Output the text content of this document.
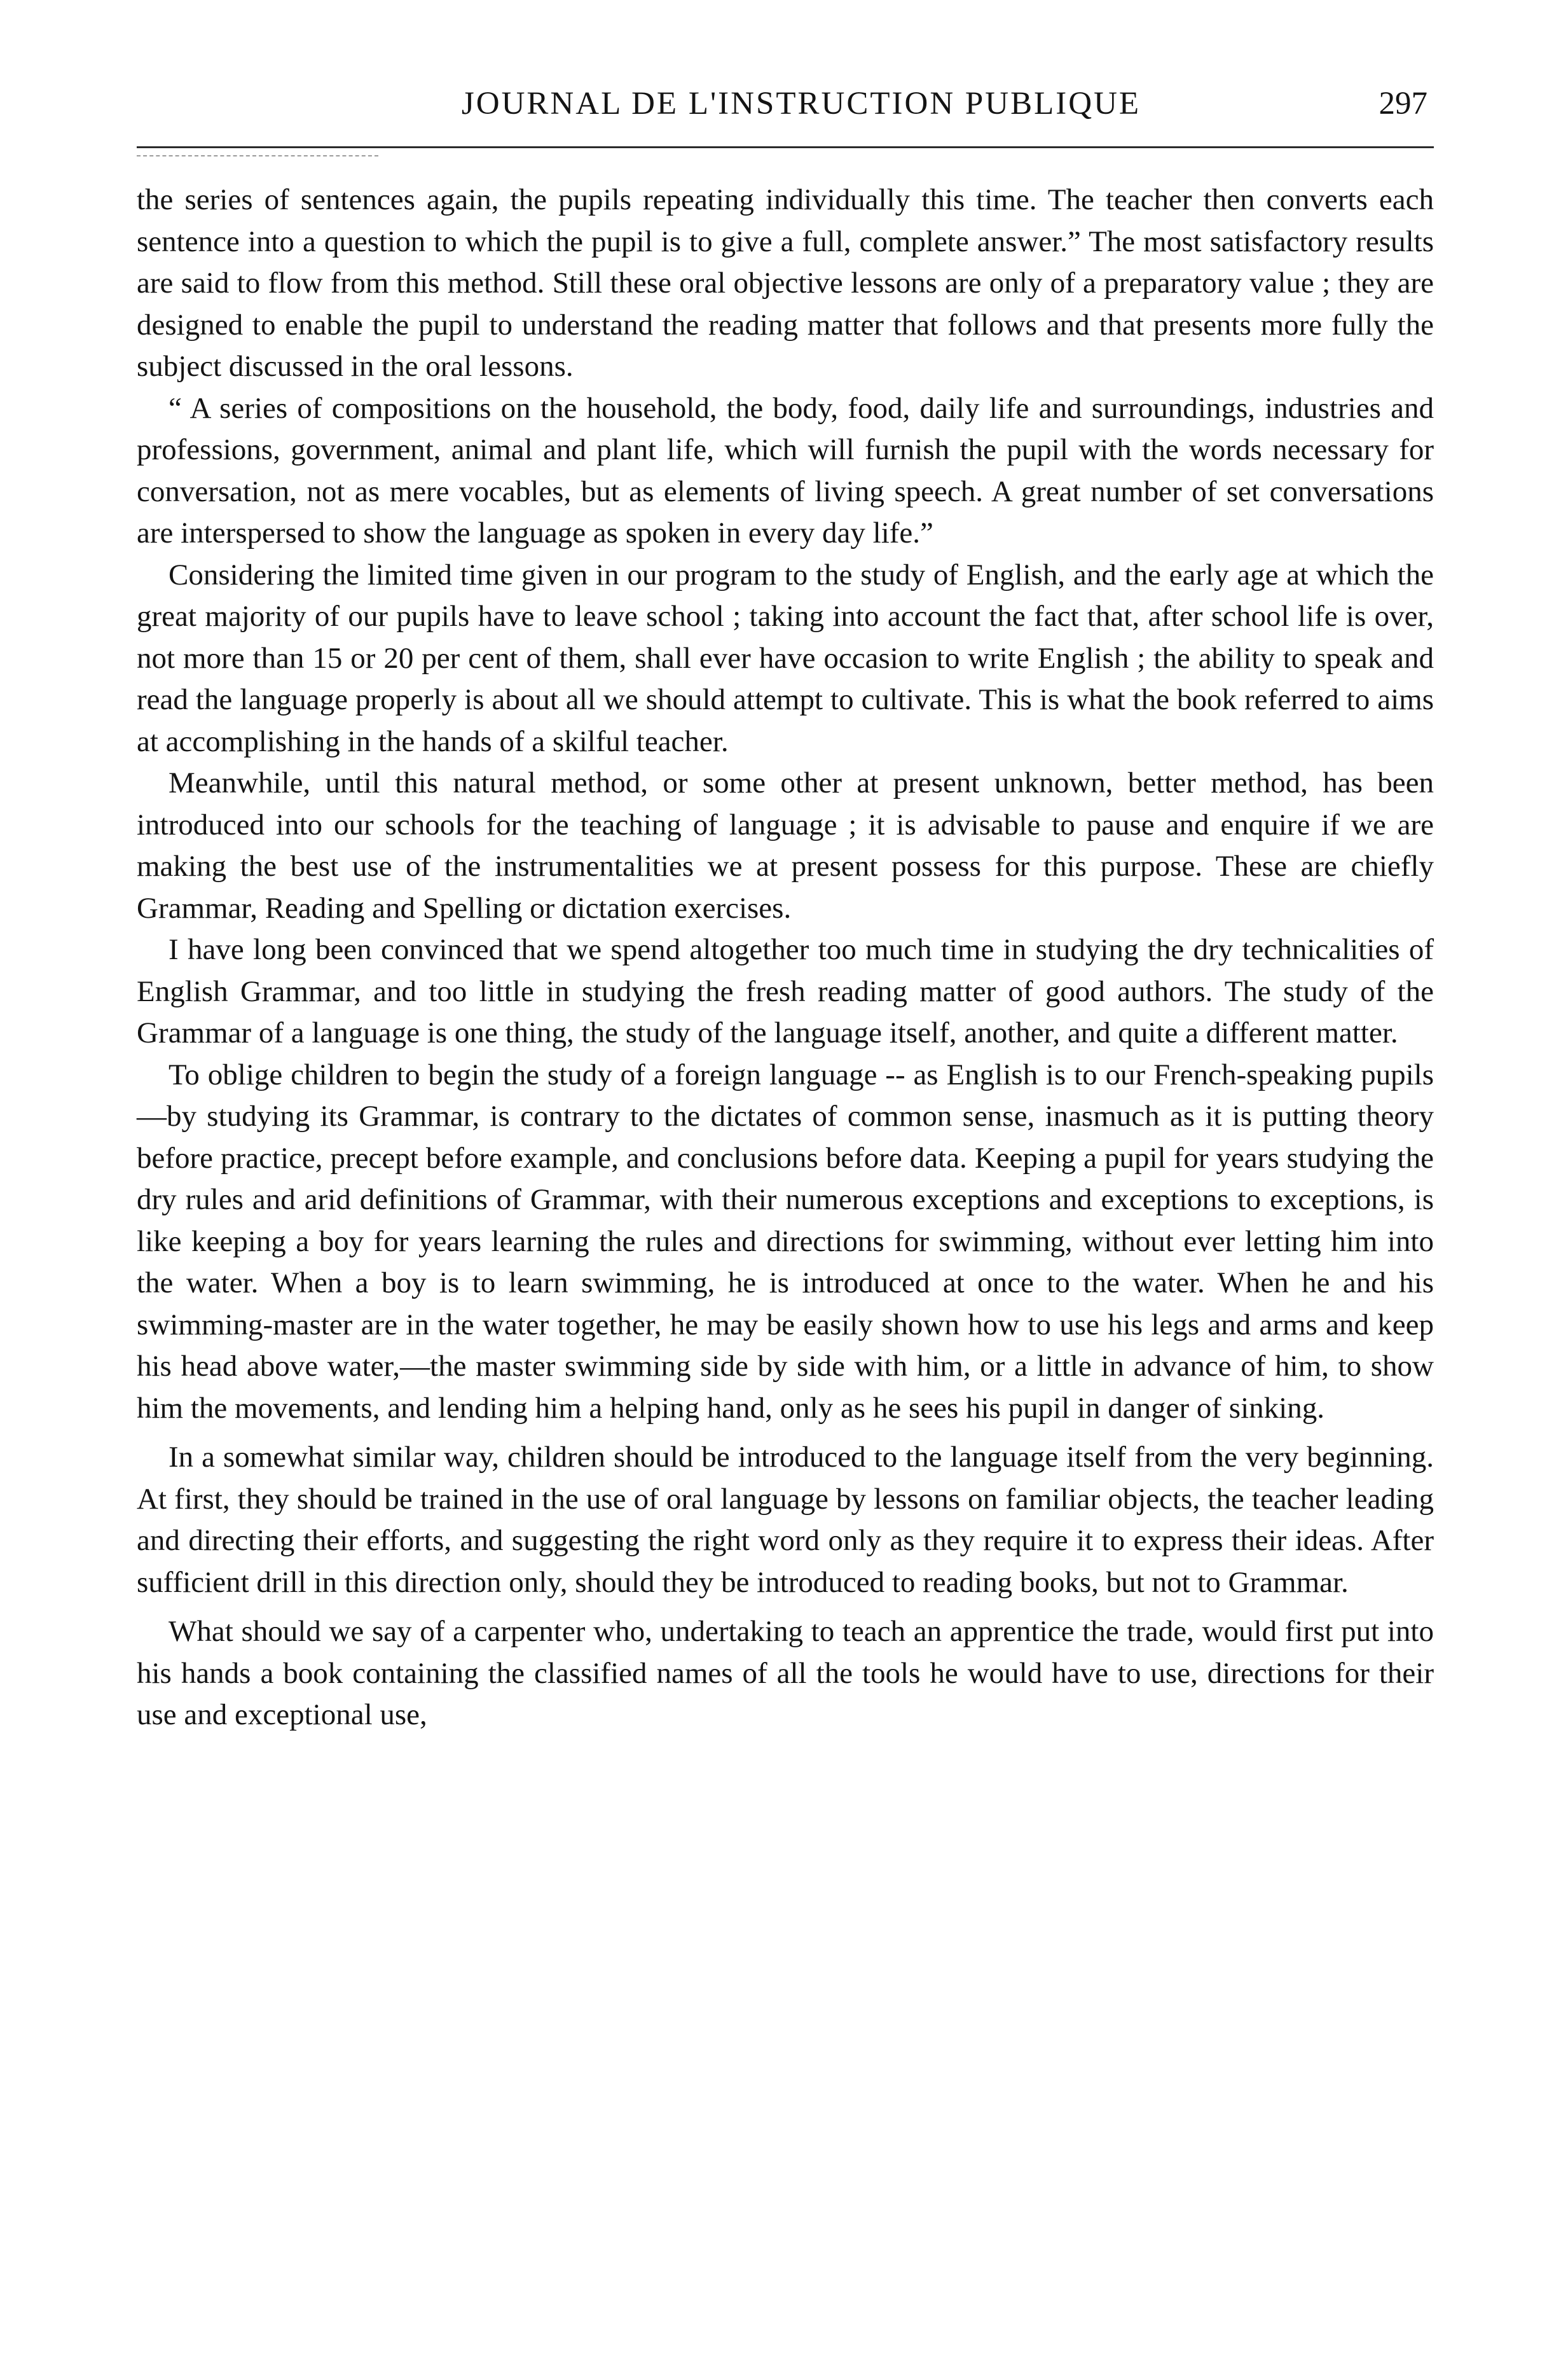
JOURNAL DE L'INSTRUCTION PUBLIQUE	297

the series of sentences again, the pupils repeating individually this time. The teacher then converts each sentence into a question to which the pupil is to give a full, complete answer.” The most satisfactory results are said to flow from this method. Still these oral objective lessons are only of a preparatory value ; they are designed to enable the pupil to understand the reading matter that follows and that presents more fully the subject discussed in the oral lessons.

“ A series of compositions on the household, the body, food, daily life and surroundings, industries and professions, government, animal and plant life, which will furnish the pupil with the words necessary for conversation, not as mere vocables, but as elements of living speech. A great number of set conversations are interspersed to show the language as spoken in every day life.”

Considering the limited time given in our program to the study of English, and the early age at which the great majority of our pupils have to leave school ; taking into account the fact that, after school life is over, not more than 15 or 20 per cent of them, shall ever have occasion to write English ; the ability to speak and read the language properly is about all we should attempt to cultivate. This is what the book referred to aims at accomplishing in the hands of a skilful teacher.

Meanwhile, until this natural method, or some other at present unknown, better method, has been introduced into our schools for the teaching of language ; it is advisable to pause and enquire if we are making the best use of the instrumentalities we at present possess for this purpose. These are chiefly Grammar, Reading and Spelling or dictation exercises.

I have long been convinced that we spend altogether too much time in studying the dry technicalities of English Grammar, and too little in studying the fresh reading matter of good authors. The study of the Grammar of a language is one thing, the study of the language itself, another, and quite a different matter.

To oblige children to begin the study of a foreign language -- as English is to our French-speaking pupils—by studying its Grammar, is contrary to the dictates of common sense, inasmuch as it is putting theory before practice, precept before example, and conclusions before data. Keeping a pupil for years studying the dry rules and arid definitions of Grammar, with their numerous exceptions and exceptions to exceptions, is like keeping a boy for years learning the rules and directions for swimming, without ever letting him into the water. When a boy is to learn swimming, he is introduced at once to the water. When he and his swimming-master are in the water together, he may be easily shown how to use his legs and arms and keep his head above water,—the master swimming side by side with him, or a little in advance of him, to show him the movements, and lending him a helping hand, only as he sees his pupil in danger of sinking.

In a somewhat similar way, children should be introduced to the language itself from the very beginning. At first, they should be trained in the use of oral language by lessons on familiar objects, the teacher leading and directing their efforts, and suggesting the right word only as they require it to express their ideas. After sufficient drill in this direction only, should they be introduced to reading books, but not to Grammar.

What should we say of a carpenter who, undertaking to teach an apprentice the trade, would first put into his hands a book containing the classified names of all the tools he would have to use, directions for their use and exceptional use,
